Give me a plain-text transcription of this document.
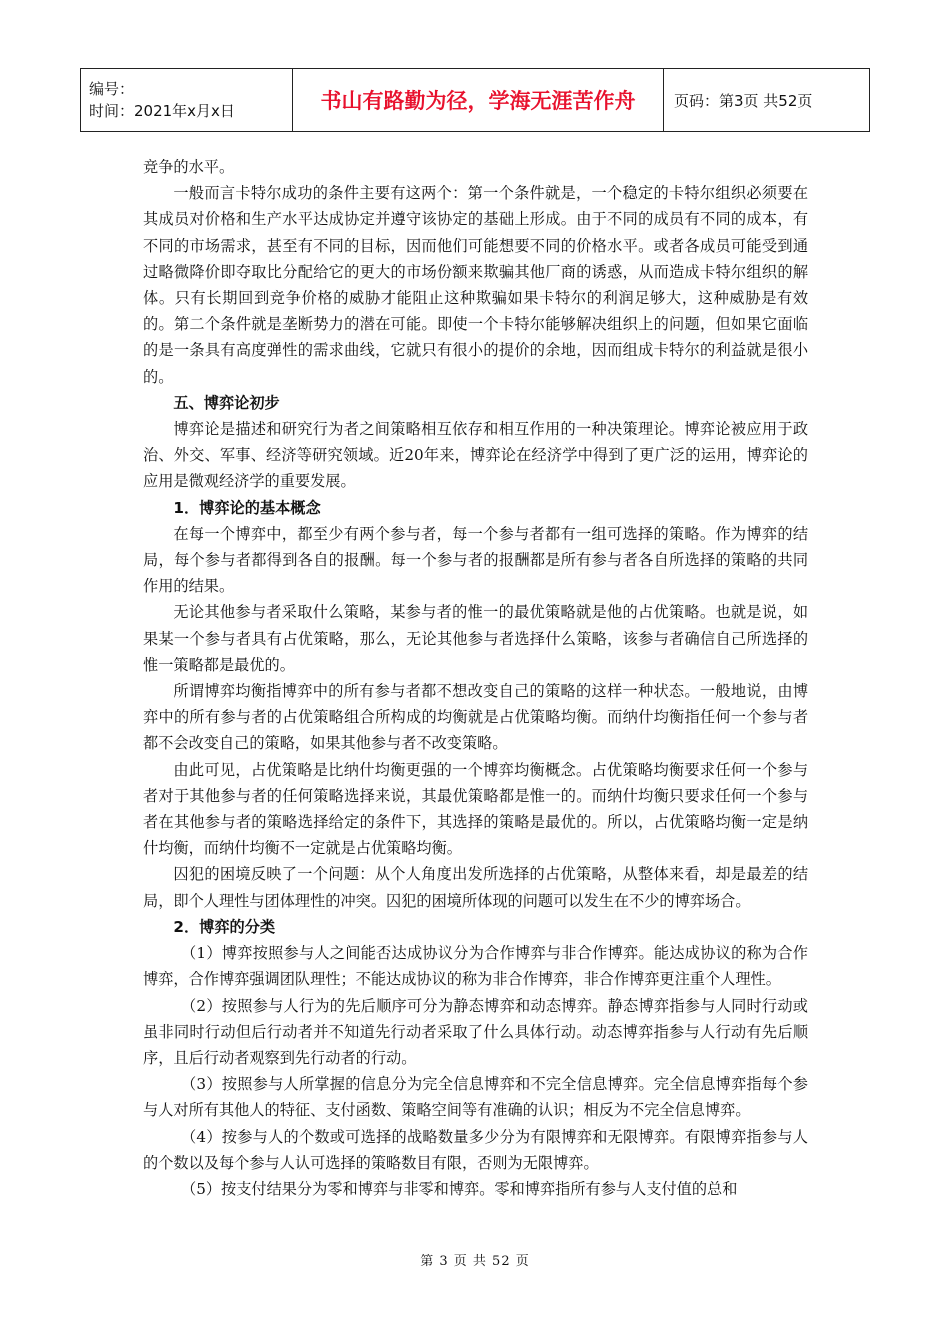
编号：
时间：2021年x月x日	书山有路勤为径，学海无涯苦作舟	页码：第3页 共52页

竞争的水平。

一般而言卡特尔成功的条件主要有这两个：第一个条件就是，一个稳定的卡特尔组织必须要在其成员对价格和生产水平达成协定并遵守该协定的基础上形成。由于不同的成员有不同的成本，有不同的市场需求，甚至有不同的目标，因而他们可能想要不同的价格水平。或者各成员可能受到通过略微降价即夺取比分配给它的更大的市场份额来欺骗其他厂商的诱惑，从而造成卡特尔组织的解体。只有长期回到竞争价格的威胁才能阻止这种欺骗如果卡特尔的利润足够大，这种威胁是有效的。第二个条件就是垄断势力的潜在可能。即使一个卡特尔能够解决组织上的问题，但如果它面临的是一条具有高度弹性的需求曲线，它就只有很小的提价的余地，因而组成卡特尔的利益就是很小的。

五、博弈论初步

博弈论是描述和研究行为者之间策略相互依存和相互作用的一种决策理论。博弈论被应用于政治、外交、军事、经济等研究领域。近20年来，博弈论在经济学中得到了更广泛的运用，博弈论的应用是微观经济学的重要发展。

1．博弈论的基本概念

在每一个博弈中，都至少有两个参与者，每一个参与者都有一组可选择的策略。作为博弈的结局，每个参与者都得到各自的报酬。每一个参与者的报酬都是所有参与者各自所选择的策略的共同作用的结果。

无论其他参与者采取什么策略，某参与者的惟一的最优策略就是他的占优策略。也就是说，如果某一个参与者具有占优策略，那么，无论其他参与者选择什么策略，该参与者确信自己所选择的惟一策略都是最优的。

所谓博弈均衡指博弈中的所有参与者都不想改变自己的策略的这样一种状态。一般地说，由博弈中的所有参与者的占优策略组合所构成的均衡就是占优策略均衡。而纳什均衡指任何一个参与者都不会改变自己的策略，如果其他参与者不改变策略。

由此可见，占优策略是比纳什均衡更强的一个博弈均衡概念。占优策略均衡要求任何一个参与者对于其他参与者的任何策略选择来说，其最优策略都是惟一的。而纳什均衡只要求任何一个参与者在其他参与者的策略选择给定的条件下，其选择的策略是最优的。所以，占优策略均衡一定是纳什均衡，而纳什均衡不一定就是占优策略均衡。

囚犯的困境反映了一个问题：从个人角度出发所选择的占优策略，从整体来看，却是最差的结局，即个人理性与团体理性的冲突。囚犯的困境所体现的问题可以发生在不少的博弈场合。

2．博弈的分类

（1）博弈按照参与人之间能否达成协议分为合作博弈与非合作博弈。能达成协议的称为合作博弈，合作博弈强调团队理性；不能达成协议的称为非合作博弈，非合作博弈更注重个人理性。

（2）按照参与人行为的先后顺序可分为静态博弈和动态博弈。静态博弈指参与人同时行动或虽非同时行动但后行动者并不知道先行动者采取了什么具体行动。动态博弈指参与人行动有先后顺序，且后行动者观察到先行动者的行动。

（3）按照参与人所掌握的信息分为完全信息博弈和不完全信息博弈。完全信息博弈指每个参与人对所有其他人的特征、支付函数、策略空间等有准确的认识；相反为不完全信息博弈。

（4）按参与人的个数或可选择的战略数量多少分为有限博弈和无限博弈。有限博弈指参与人的个数以及每个参与人认可选择的策略数目有限，否则为无限博弈。

（5）按支付结果分为零和博弈与非零和博弈。零和博弈指所有参与人支付值的总和

第 3 页 共 52 页
